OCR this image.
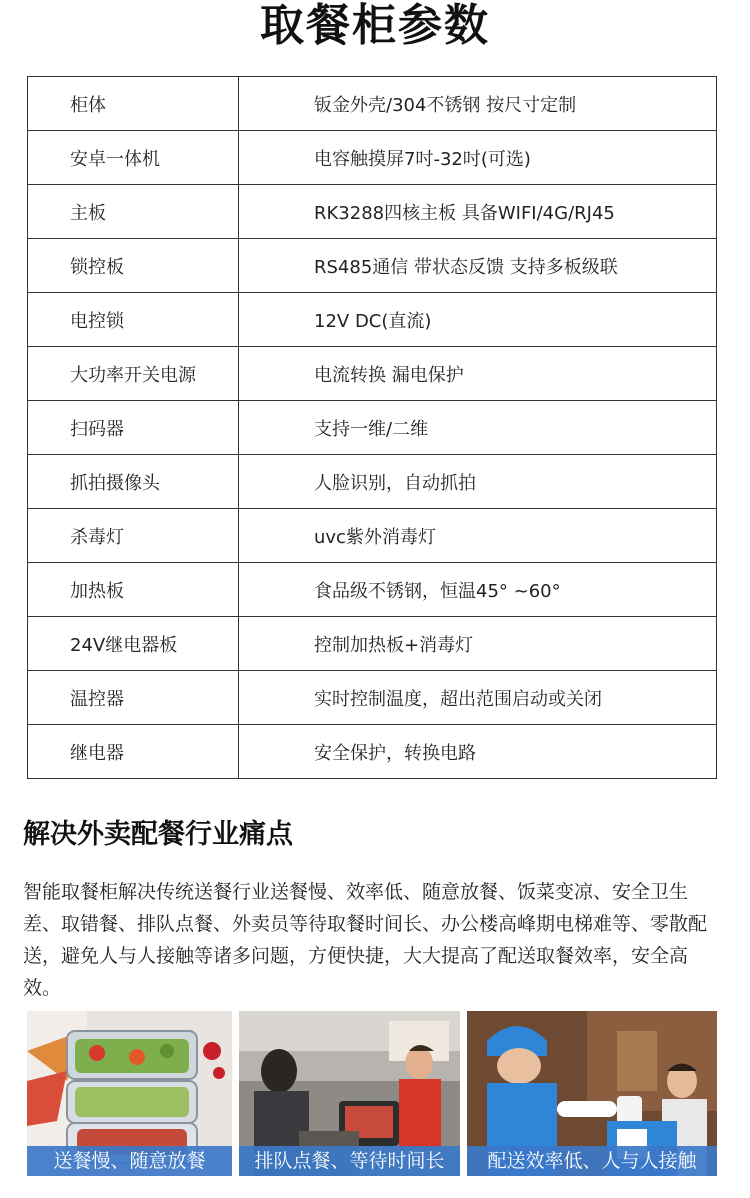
取餐柜参数
柜体	钣金外壳/304不锈钢 按尺寸定制
安卓一体机	电容触摸屏7吋-32吋(可选)
主板	RK3288四核主板 具备WIFI/4G/RJ45
锁控板	RS485通信 带状态反馈 支持多板级联
电控锁	12V DC(直流)
大功率开关电源	电流转换 漏电保护
扫码器	支持一维/二维
抓拍摄像头	人脸识别，自动抓拍
杀毒灯	uvc紫外消毒灯
加热板	食品级不锈钢，恒温45° ~60°
24V继电器板	控制加热板+消毒灯
温控器	实时控制温度，超出范围启动或关闭
继电器	安全保护，转换电路
解决外卖配餐行业痛点
智能取餐柜解决传统送餐行业送餐慢、效率低、随意放餐、饭菜变凉、安全卫生差、取错餐、排队点餐、外卖员等待取餐时间长、办公楼高峰期电梯难等、零散配送，避免人与人接触等诸多问题，方便快捷，大大提高了配送取餐效率，安全高效。
送餐慢、随意放餐	排队点餐、等待时间长	配送效率低、人与人接触
